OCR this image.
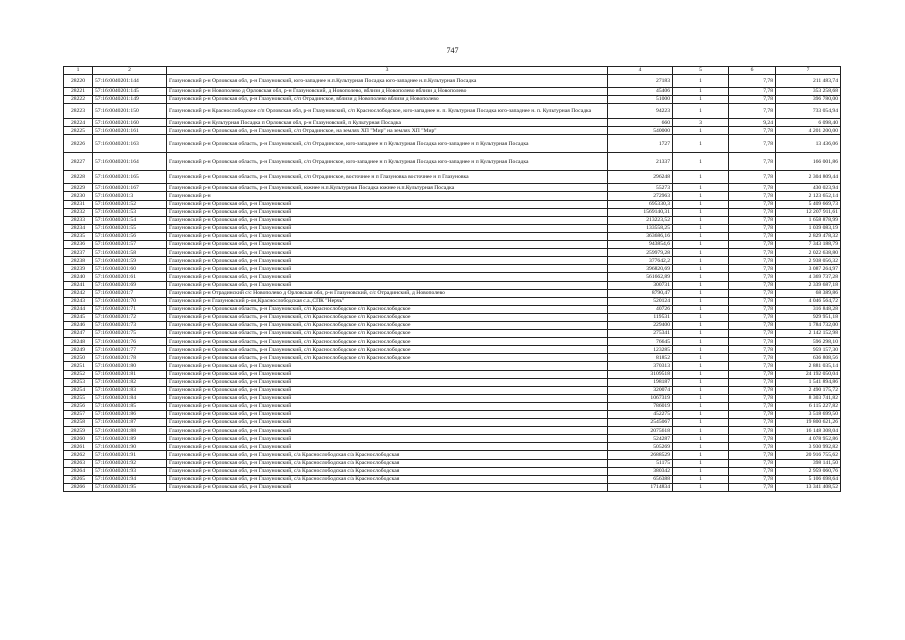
747
1	2	3	4	5	6	7
28220	57:16:0040201:144	Глазуновский р-н Орловская обл, р-н Глазуновский, юго-западнее н.п.Культурная Посадка юго-западнее н.п.Культурная Посадка	27183	1	7,78	211 483,74
28221	57:16:0040201:145	Глазуновский р-н Новополево д Орловская обл, р-н Глазуновский, д Новополево, вблизи д Новополево вблизи д Новополево	45406	1	7,78	353 258,68
28222	57:16:0040201:149	Глазуновский р-н Орловская обл, р-н Глазуновский, с/п Отрадинское, вблизи д Новополево вблизи д Новополево	51000	1	7,78	396 780,00
28223	57:16:0040201:150	Глазуновский р-н Краснослободское с/п Орловская обл, р-н Глазуновский, с/п Краснослободское, юго-западнее н. п. Культурная Посадка юго-западнее н. п. Культурная Посадка	94223	1	7,78	733 054,94
28224	57:16:0040201:160	Глазуновский р-н Культурная Посадка п Орловская обл, р-н Глазуновский, п Культурная Посадка	660	3	9,24	6 098,40
28225	57:16:0040201:161	Глазуновский р-н Орловская обл, р-н Глазуновский, с/п Отрадинское, на землях ХП "Мир" на землях ХП "Мир"	540000	1	7,78	4 201 200,00
28226	57:16:0040201:163	Глазуновский р-н Орловская область, р-н Глазуновский, с/п Отрадинское, юго-западнее н п Культурная Посадка юго-западнее н п Культурная Посадка	1727	1	7,78	13 436,06
28227	57:16:0040201:164	Глазуновский р-н Орловская область, р-н Глазуновский, с/п Отрадинское, юго-западнее н п Культурная Посадка юго-западнее н п Культурная Посадка	21337	1	7,78	166 001,86
28228	57:16:0040201:165	Глазуновский р-н Орловская область, р-н Глазуновский, с/п Отрадинское, восточнее н п Глазуновка восточнее н п Глазуновка	296248	1	7,78	2 304 809,44
28229	57:16:0040201:167	Глазуновский р-н Орловская область, р-н Глазуновский, южнее н.п.Культурная Посадка южнее н.п.Культурная Посадка	55273	1	7,78	430 023,94
28230	57:16:0040201:3	Глазуновский р-н	272963	1	7,78	2 123 652,14
28231	57:16:0040201:52	Глазуновский р-н Орловская обл, р-н Глазуновский	695330,3	1	7,78	5 409 669,73
28232	57:16:0040201:53	Глазуновский р-н Орловская обл, р-н Глазуновский	1569140,31	1	7,78	12 207 911,61
28233	57:16:0040201:54	Глазуновский р-н Орловская обл, р-н Глазуновский	213223,52	1	7,78	1 658 878,99
28234	57:16:0040201:55	Глазуновский р-н Орловская обл, р-н Глазуновский	133558,25	1	7,78	1 039 083,19
28235	57:16:0040201:56	Глазуновский р-н Орловская обл, р-н Глазуновский	363686,16	1	7,78	2 829 478,32
28236	57:16:0040201:57	Глазуновский р-н Орловская обл, р-н Глазуновский	943854,6	1	7,78	7 343 188,79
28237	57:16:0040201:58	Глазуновский р-н Орловская обл, р-н Глазуновский	259979,28	1	7,78	2 022 638,80
28238	57:16:0040201:59	Глазуновский р-н Орловская обл, р-н Глазуновский	377642,2	1	7,78	2 938 056,32
28239	57:16:0040201:60	Глазуновский р-н Орловская обл, р-н Глазуновский	396820,69	1	7,78	3 087 264,97
28240	57:16:0040201:61	Глазуновский р-н Орловская обл, р-н Глазуновский	561662,89	1	7,78	4 369 737,28
28241	57:16:0040201:69	Глазуновский р-н Орловская обл, р-н Глазуновский	300731	1	7,78	2 339 687,18
28242	57:16:0040201:7	Глазуновский р-н Отрадинский с/с Новополево д Орловская обл, р-н Глазуновский, с/с Отрадинский, д Новополево	8790,47	1	7,78	68 389,86
28243	57:16:0040201:70	Глазуновский р-н Глазуновский р-он,Краснослободская с.а.,СПК "Нерчь"	520124	1	7,78	4 046 564,72
28244	57:16:0040201:71	Глазуновский р-н Орловская область, р-н Глазуновский, с/п Краснослободское с/п Краснослободское	40726	1	7,78	316 848,28
28245	57:16:0040201:72	Глазуновский р-н Орловская область, р-н Глазуновский, с/п Краснослободское с/п Краснослободское	119531	1	7,78	929 951,18
28246	57:16:0040201:73	Глазуновский р-н Орловская область, р-н Глазуновский, с/п Краснослободское с/п Краснослободское	229400	1	7,78	1 784 732,00
28247	57:16:0040201:75	Глазуновский р-н Орловская область, р-н Глазуновский, с/п Краснослободское с/п Краснослободское	275341	1	7,78	2 142 152,98
28248	57:16:0040201:76	Глазуновский р-н Орловская область, р-н Глазуновский, с/п Краснослободское с/п Краснослободское	76645	1	7,78	596 298,10
28249	57:16:0040201:77	Глазуновский р-н Орловская область, р-н Глазуновский, с/п Краснослободское с/п Краснослободское	123285	1	7,78	959 157,30
28250	57:16:0040201:78	Глазуновский р-н Орловская область, р-н Глазуновский, с/п Краснослободское с/п Краснослободское	81852	1	7,78	636 808,56
28251	57:16:0040201:80	Глазуновский р-н Орловская обл, р-н Глазуновский	370313	1	7,78	2 881 035,14
28252	57:16:0040201:81	Глазуновский р-н Орловская обл, р-н Глазуновский	3109518	1	7,78	24 192 050,04
28253	57:16:0040201:82	Глазуновский р-н Орловская обл, р-н Глазуновский	198187	1	7,78	1 541 894,86
28254	57:16:0040201:83	Глазуновский р-н Орловская обл, р-н Глазуновский	320074	1	7,78	2 490 175,72
28255	57:16:0040201:84	Глазуновский р-н Орловская обл, р-н Глазуновский	1067319	1	7,78	8 303 741,82
28256	57:16:0040201:85	Глазуновский р-н Орловская обл, р-н Глазуновский	786019	1	7,78	6 115 227,82
28257	57:16:0040201:86	Глазуновский р-н Орловская обл, р-н Глазуновский	452275	1	7,78	3 518 699,50
28258	57:16:0040201:87	Глазуновский р-н Орловская обл, р-н Глазуновский	2545067	1	7,78	19 800 621,26
28259	57:16:0040201:88	Глазуновский р-н Орловская обл, р-н Глазуновский	2075618	1	7,78	16 148 308,04
28260	57:16:0040201:89	Глазуновский р-н Орловская обл, р-н Глазуновский	524287	1	7,78	4 078 952,86
28261	57:16:0040201:90	Глазуновский р-н Орловская обл, р-н Глазуновский	505269	1	7,78	3 930 992,82
28262	57:16:0040201:91	Глазуновский р-н Орловская обл, р-н Глазуновский, с/а Краснослободская с/а Краснослободская	2688529	1	7,78	20 916 755,62
28263	57:16:0040201:92	Глазуновский р-н Орловская обл, р-н Глазуновский, с/а Краснослободская с/а Краснослободская	51175	1	7,78	398 141,50
28264	57:16:0040201:93	Глазуновский р-н Орловская обл, р-н Глазуновский, с/а Краснослободская с/а Краснослободская	380342	1	7,78	2 959 060,76
28265	57:16:0040201:94	Глазуновский р-н Орловская обл, р-н Глазуновский, с/а Краснослободская с/а Краснослободская	656388	1	7,78	5 106 698,64
28266	57:16:0040201:95	Глазуновский р-н Орловская обл, р-н Глазуновский	1714834	1	7,78	13 341 408,52
